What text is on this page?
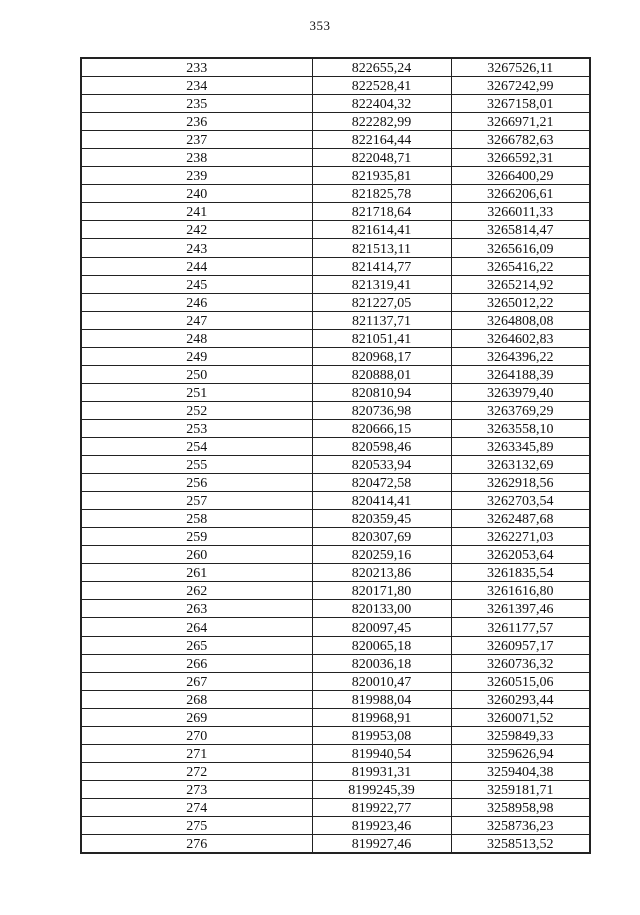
353
233	822655,24	3267526,11
234	822528,41	3267242,99
235	822404,32	3267158,01
236	822282,99	3266971,21
237	822164,44	3266782,63
238	822048,71	3266592,31
239	821935,81	3266400,29
240	821825,78	3266206,61
241	821718,64	3266011,33
242	821614,41	3265814,47
243	821513,11	3265616,09
244	821414,77	3265416,22
245	821319,41	3265214,92
246	821227,05	3265012,22
247	821137,71	3264808,08
248	821051,41	3264602,83
249	820968,17	3264396,22
250	820888,01	3264188,39
251	820810,94	3263979,40
252	820736,98	3263769,29
253	820666,15	3263558,10
254	820598,46	3263345,89
255	820533,94	3263132,69
256	820472,58	3262918,56
257	820414,41	3262703,54
258	820359,45	3262487,68
259	820307,69	3262271,03
260	820259,16	3262053,64
261	820213,86	3261835,54
262	820171,80	3261616,80
263	820133,00	3261397,46
264	820097,45	3261177,57
265	820065,18	3260957,17
266	820036,18	3260736,32
267	820010,47	3260515,06
268	819988,04	3260293,44
269	819968,91	3260071,52
270	819953,08	3259849,33
271	819940,54	3259626,94
272	819931,31	3259404,38
273	8199245,39	3259181,71
274	819922,77	3258958,98
275	819923,46	3258736,23
276	819927,46	3258513,52
